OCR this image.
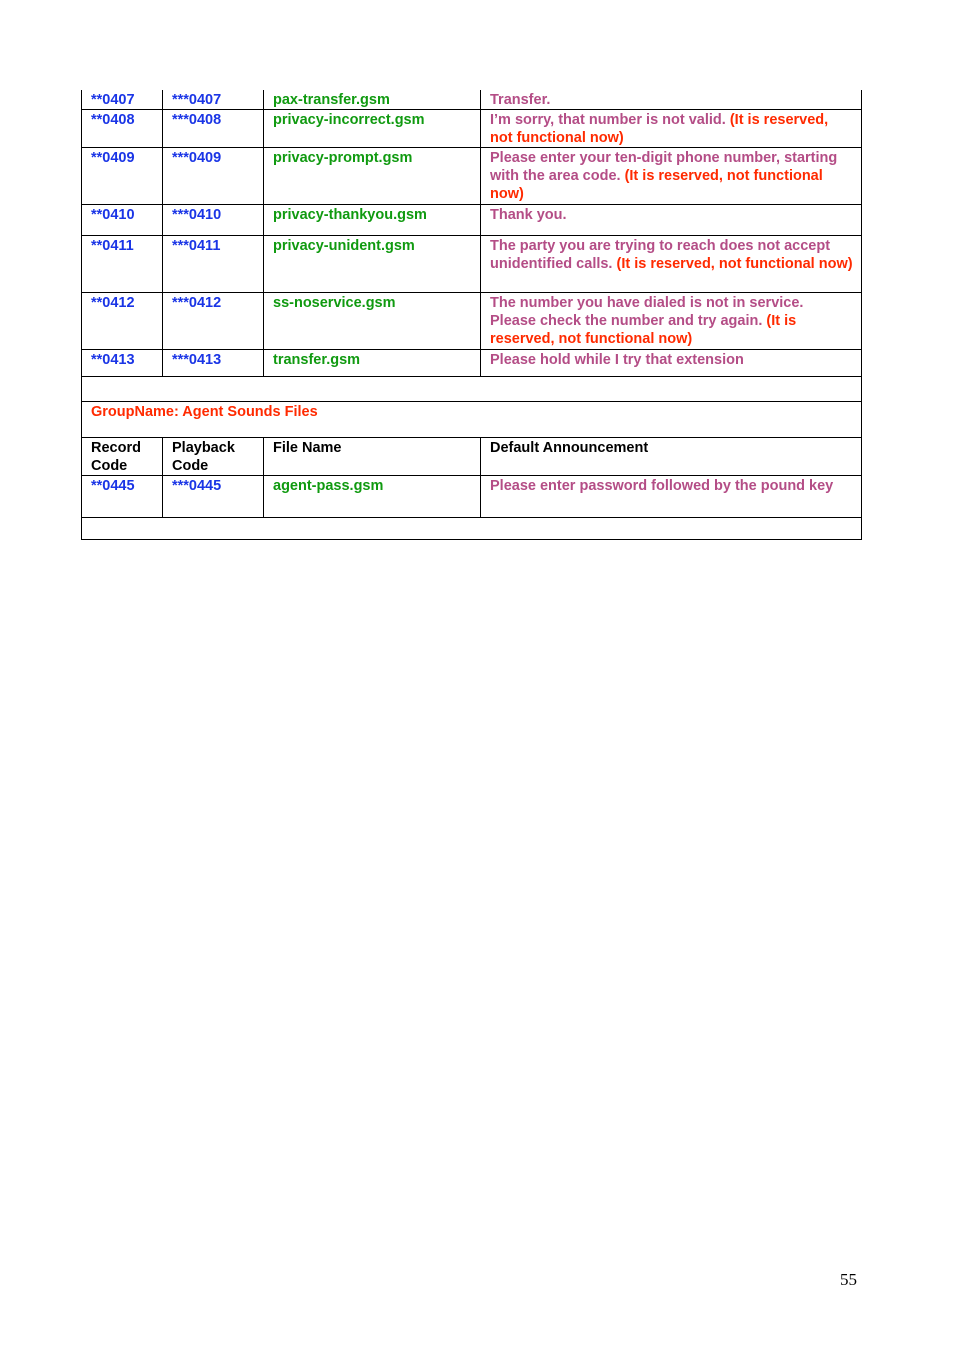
**0407	***0407	pax-transfer.gsm	Transfer.
**0408	***0408	privacy-incorrect.gsm	I’m sorry, that number is not valid. (It is reserved, not functional now)
**0409	***0409	privacy-prompt.gsm	Please enter your ten-digit phone number, starting with the area code. (It is reserved, not functional now)
**0410	***0410	privacy-thankyou.gsm	Thank you.
**0411	***0411	privacy-unident.gsm	The party you are trying to reach does not accept unidentified calls. (It is reserved, not functional now)
**0412	***0412	ss-noservice.gsm	The number you have dialed is not in service. Please check the number and try again. (It is reserved, not functional now)
**0413	***0413	transfer.gsm	Please hold while I try that extension

GroupName: Agent Sounds Files			
Record Code	Playback Code	File Name	Default Announcement
**0445	***0445	agent-pass.gsm	Please enter password followed by the pound key

55
